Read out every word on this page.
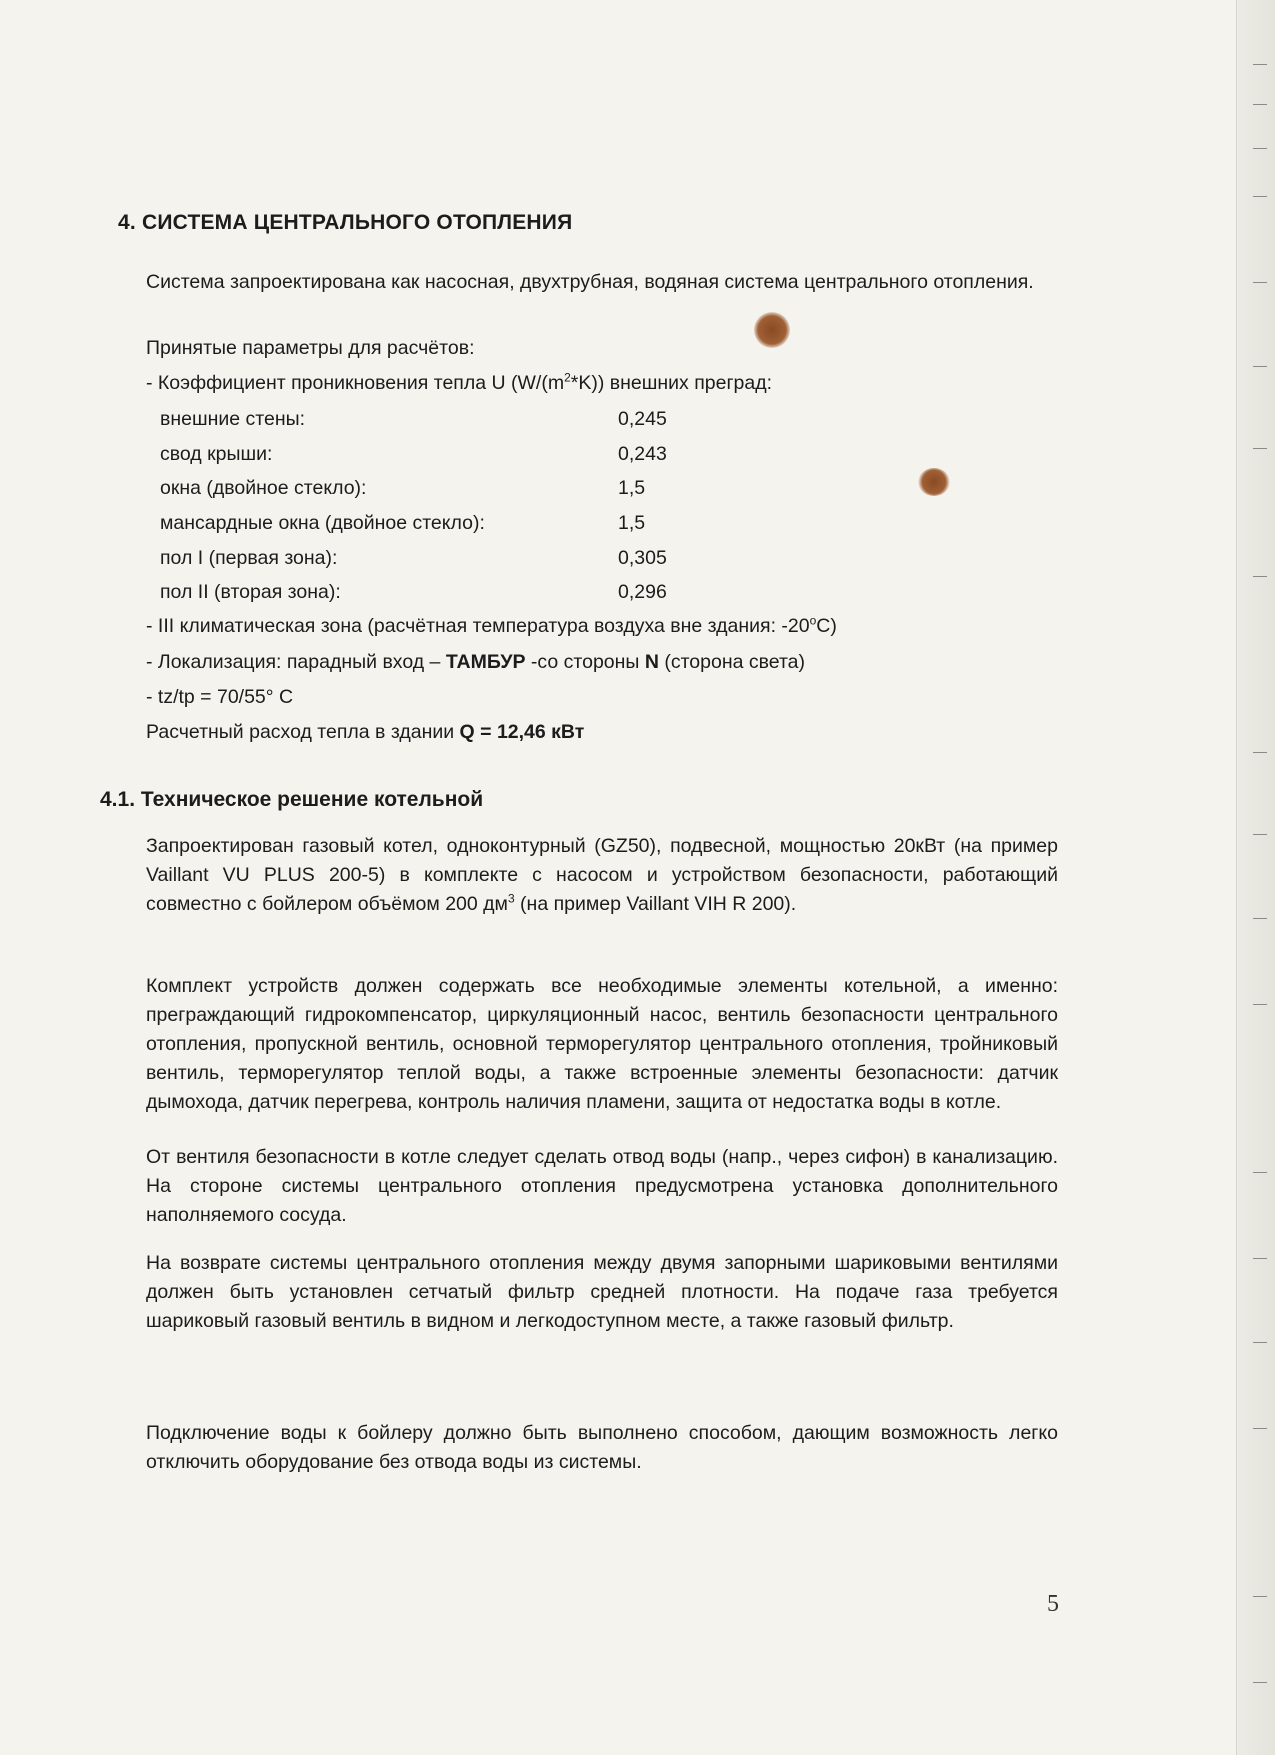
4. СИСТЕМА ЦЕНТРАЛЬНОГО ОТОПЛЕНИЯ
Система запроектирована как насосная, двухтрубная, водяная система центрального отопления.
Принятые параметры для расчётов:
- Коэффициент проникновения тепла U $(W/(m^2*K))$ внешних преград:
внешние стены:	0,245
свод крыши:	0,243
окна (двойное стекло):	1,5
мансардные окна (двойное стекло):	1,5
пол I (первая зона):	0,305
пол II (вторая зона):	0,296
- III климатическая зона (расчётная температура воздуха вне здания: -20$^o$C)
- Локализация: парадный вход – ТАМБУР -со стороны N (сторона света)
- tz/tp = 70/55° C
Расчетный расход тепла в здании Q = 12,46 кВт
4.1. Техническое решение котельной
Запроектирован газовый котел, одноконтурный (GZ50), подвесной, мощностью 20кВт (на пример Vaillant VU PLUS 200-5) в комплекте с насосом и устройством безопасности, работающий совместно с бойлером объёмом 200 $дм^3$ (на пример Vaillant VIH R 200).
Комплект устройств должен содержать все необходимые элементы котельной, а именно: преграждающий гидрокомпенсатор, циркуляционный насос, вентиль безопасности центрального отопления, пропускной вентиль, основной терморегулятор центрального отопления, тройниковый вентиль, терморегулятор теплой воды, а также встроенные элементы безопасности: датчик дымохода, датчик перегрева, контроль наличия пламени, защита от недостатка воды в котле.
От вентиля безопасности в котле следует сделать отвод воды (напр., через сифон) в канализацию. На стороне системы центрального отопления предусмотрена установка дополнительного наполняемого сосуда.
На возврате системы центрального отопления между двумя запорными шариковыми вентилями должен быть установлен сетчатый фильтр средней плотности. На подаче газа требуется шариковый газовый вентиль в видном и легкодоступном месте, а также газовый фильтр.
Подключение воды к бойлеру должно быть выполнено способом, дающим возможность легко отключить оборудование без отвода воды из системы.
5
